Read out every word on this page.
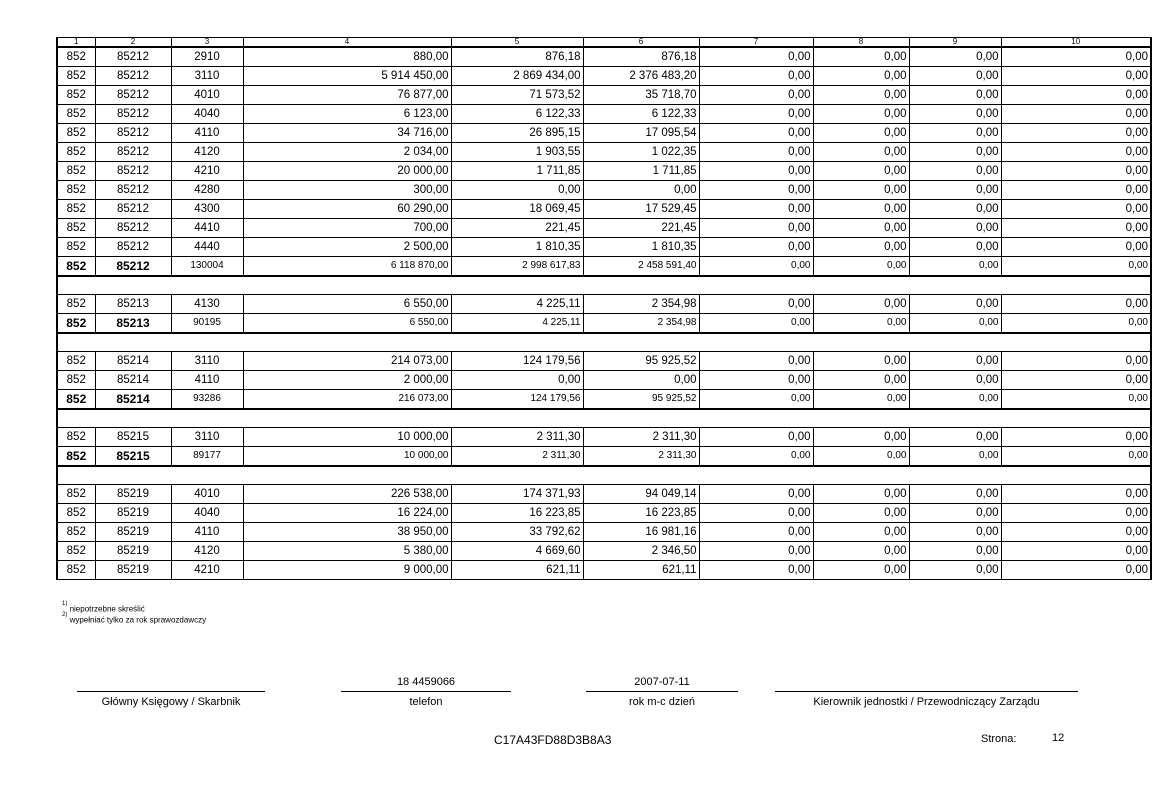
1	2	3	4	5	6	7	8	9	10
852	85212	2910	880,00	876,18	876,18	0,00	0,00	0,00	0,00
852	85212	3110	5 914 450,00	2 869 434,00	2 376 483,20	0,00	0,00	0,00	0,00
852	85212	4010	76 877,00	71 573,52	35 718,70	0,00	0,00	0,00	0,00
852	85212	4040	6 123,00	6 122,33	6 122,33	0,00	0,00	0,00	0,00
852	85212	4110	34 716,00	26 895,15	17 095,54	0,00	0,00	0,00	0,00
852	85212	4120	2 034,00	1 903,55	1 022,35	0,00	0,00	0,00	0,00
852	85212	4210	20 000,00	1 711,85	1 711,85	0,00	0,00	0,00	0,00
852	85212	4280	300,00	0,00	0,00	0,00	0,00	0,00	0,00
852	85212	4300	60 290,00	18 069,45	17 529,45	0,00	0,00	0,00	0,00
852	85212	4410	700,00	221,45	221,45	0,00	0,00	0,00	0,00
852	85212	4440	2 500,00	1 810,35	1 810,35	0,00	0,00	0,00	0,00
852	85212	130004	6 118 870,00	2 998 617,83	2 458 591,40	0,00	0,00	0,00	0,00

852	85213	4130	6 550,00	4 225,11	2 354,98	0,00	0,00	0,00	0,00
852	85213	90195	6 550,00	4 225,11	2 354,98	0,00	0,00	0,00	0,00

852	85214	3110	214 073,00	124 179,56	95 925,52	0,00	0,00	0,00	0,00
852	85214	4110	2 000,00	0,00	0,00	0,00	0,00	0,00	0,00
852	85214	93286	216 073,00	124 179,56	95 925,52	0,00	0,00	0,00	0,00

852	85215	3110	10 000,00	2 311,30	2 311,30	0,00	0,00	0,00	0,00
852	85215	89177	10 000,00	2 311,30	2 311,30	0,00	0,00	0,00	0,00

852	85219	4010	226 538,00	174 371,93	94 049,14	0,00	0,00	0,00	0,00
852	85219	4040	16 224,00	16 223,85	16 223,85	0,00	0,00	0,00	0,00
852	85219	4110	38 950,00	33 792,62	16 981,16	0,00	0,00	0,00	0,00
852	85219	4120	5 380,00	4 669,60	2 346,50	0,00	0,00	0,00	0,00
852	85219	4210	9 000,00	621,11	621,11	0,00	0,00	0,00	0,00
$^{1)}$ niepotrzebne skreślić
$^{2)}$ wypełniać tylko za rok sprawozdawczy
Główny Księgowy / Skarbnik
18 4459066
telefon
2007-07-11
rok m-c dzień	Kierownik jednostki / Przewodniczący Zarządu
C17A43FD88D3B8A3	Strona:	12
